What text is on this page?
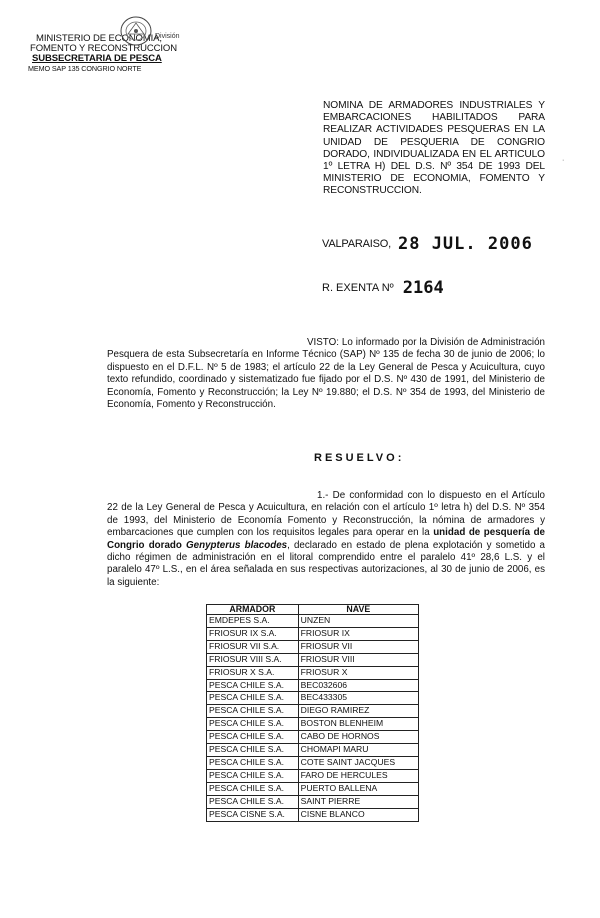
División
MINISTERIO DE ECONOMIA,
FOMENTO Y RECONSTRUCCION
SUBSECRETARIA DE PESCA
MEMO SAP 135 CONGRIO NORTE
NOMINA DE ARMADORES INDUSTRIALES Y EMBARCACIONES HABILITADOS PARA REALIZAR ACTIVIDADES PESQUERAS EN LA UNIDAD DE PESQUERIA DE CONGRIO DORADO, INDIVIDUALIZADA EN EL ARTICULO 1º LETRA H) DEL D.S. Nº 354 DE 1993 DEL MINISTERIO DE ECONOMIA, FOMENTO Y RECONSTRUCCION.
·
VALPARAISO, 28 JUL. 2006
R. EXENTA Nº 2164
VISTO: Lo informado por la División de Administración Pesquera de esta Subsecretaría en Informe Técnico (SAP) Nº 135 de fecha 30 de junio de 2006; lo dispuesto en el D.F.L. Nº 5 de 1983; el artículo 22 de la Ley General de Pesca y Acuicultura, cuyo texto refundido, coordinado y sistematizado fue fijado por el D.S. Nº 430 de 1991, del Ministerio de Economía, Fomento y Reconstrucción; la Ley Nº 19.880; el D.S. Nº 354 de 1993, del Ministerio de Economía, Fomento y Reconstrucción.
RESUELVO:
1.- De conformidad con lo dispuesto en el Artículo 22 de la Ley General de Pesca y Acuicultura, en relación con el artículo 1º letra h) del D.S. Nº 354 de 1993, del Ministerio de Economía Fomento y Reconstrucción, la nómina de armadores y embarcaciones que cumplen con los requisitos legales para operar en la unidad de pesquería de Congrio dorado Genypterus blacodes, declarado en estado de plena explotación y sometido a dicho régimen de administración en el litoral comprendido entre el paralelo 41º 28,6 L.S. y el paralelo 47º L.S., en el área señalada en sus respectivas autorizaciones, al 30 de junio de 2006, es la siguiente:
ARMADOR	NAVE
EMDEPES S.A.	UNZEN
FRIOSUR IX S.A.	FRIOSUR IX
FRIOSUR VII S.A.	FRIOSUR VII
FRIOSUR VIII S.A.	FRIOSUR VIII
FRIOSUR X S.A.	FRIOSUR X
PESCA CHILE S.A.	BEC032606
PESCA CHILE S.A.	BEC433305
PESCA CHILE S.A.	DIEGO RAMIREZ
PESCA CHILE S.A.	BOSTON BLENHEIM
PESCA CHILE S.A.	CABO DE HORNOS
PESCA CHILE S.A.	CHOMAPI MARU
PESCA CHILE S.A.	COTE SAINT JACQUES
PESCA CHILE S.A.	FARO DE HERCULES
PESCA CHILE S.A.	PUERTO BALLENA
PESCA CHILE S.A.	SAINT PIERRE
PESCA CISNE S.A.	CISNE BLANCO
